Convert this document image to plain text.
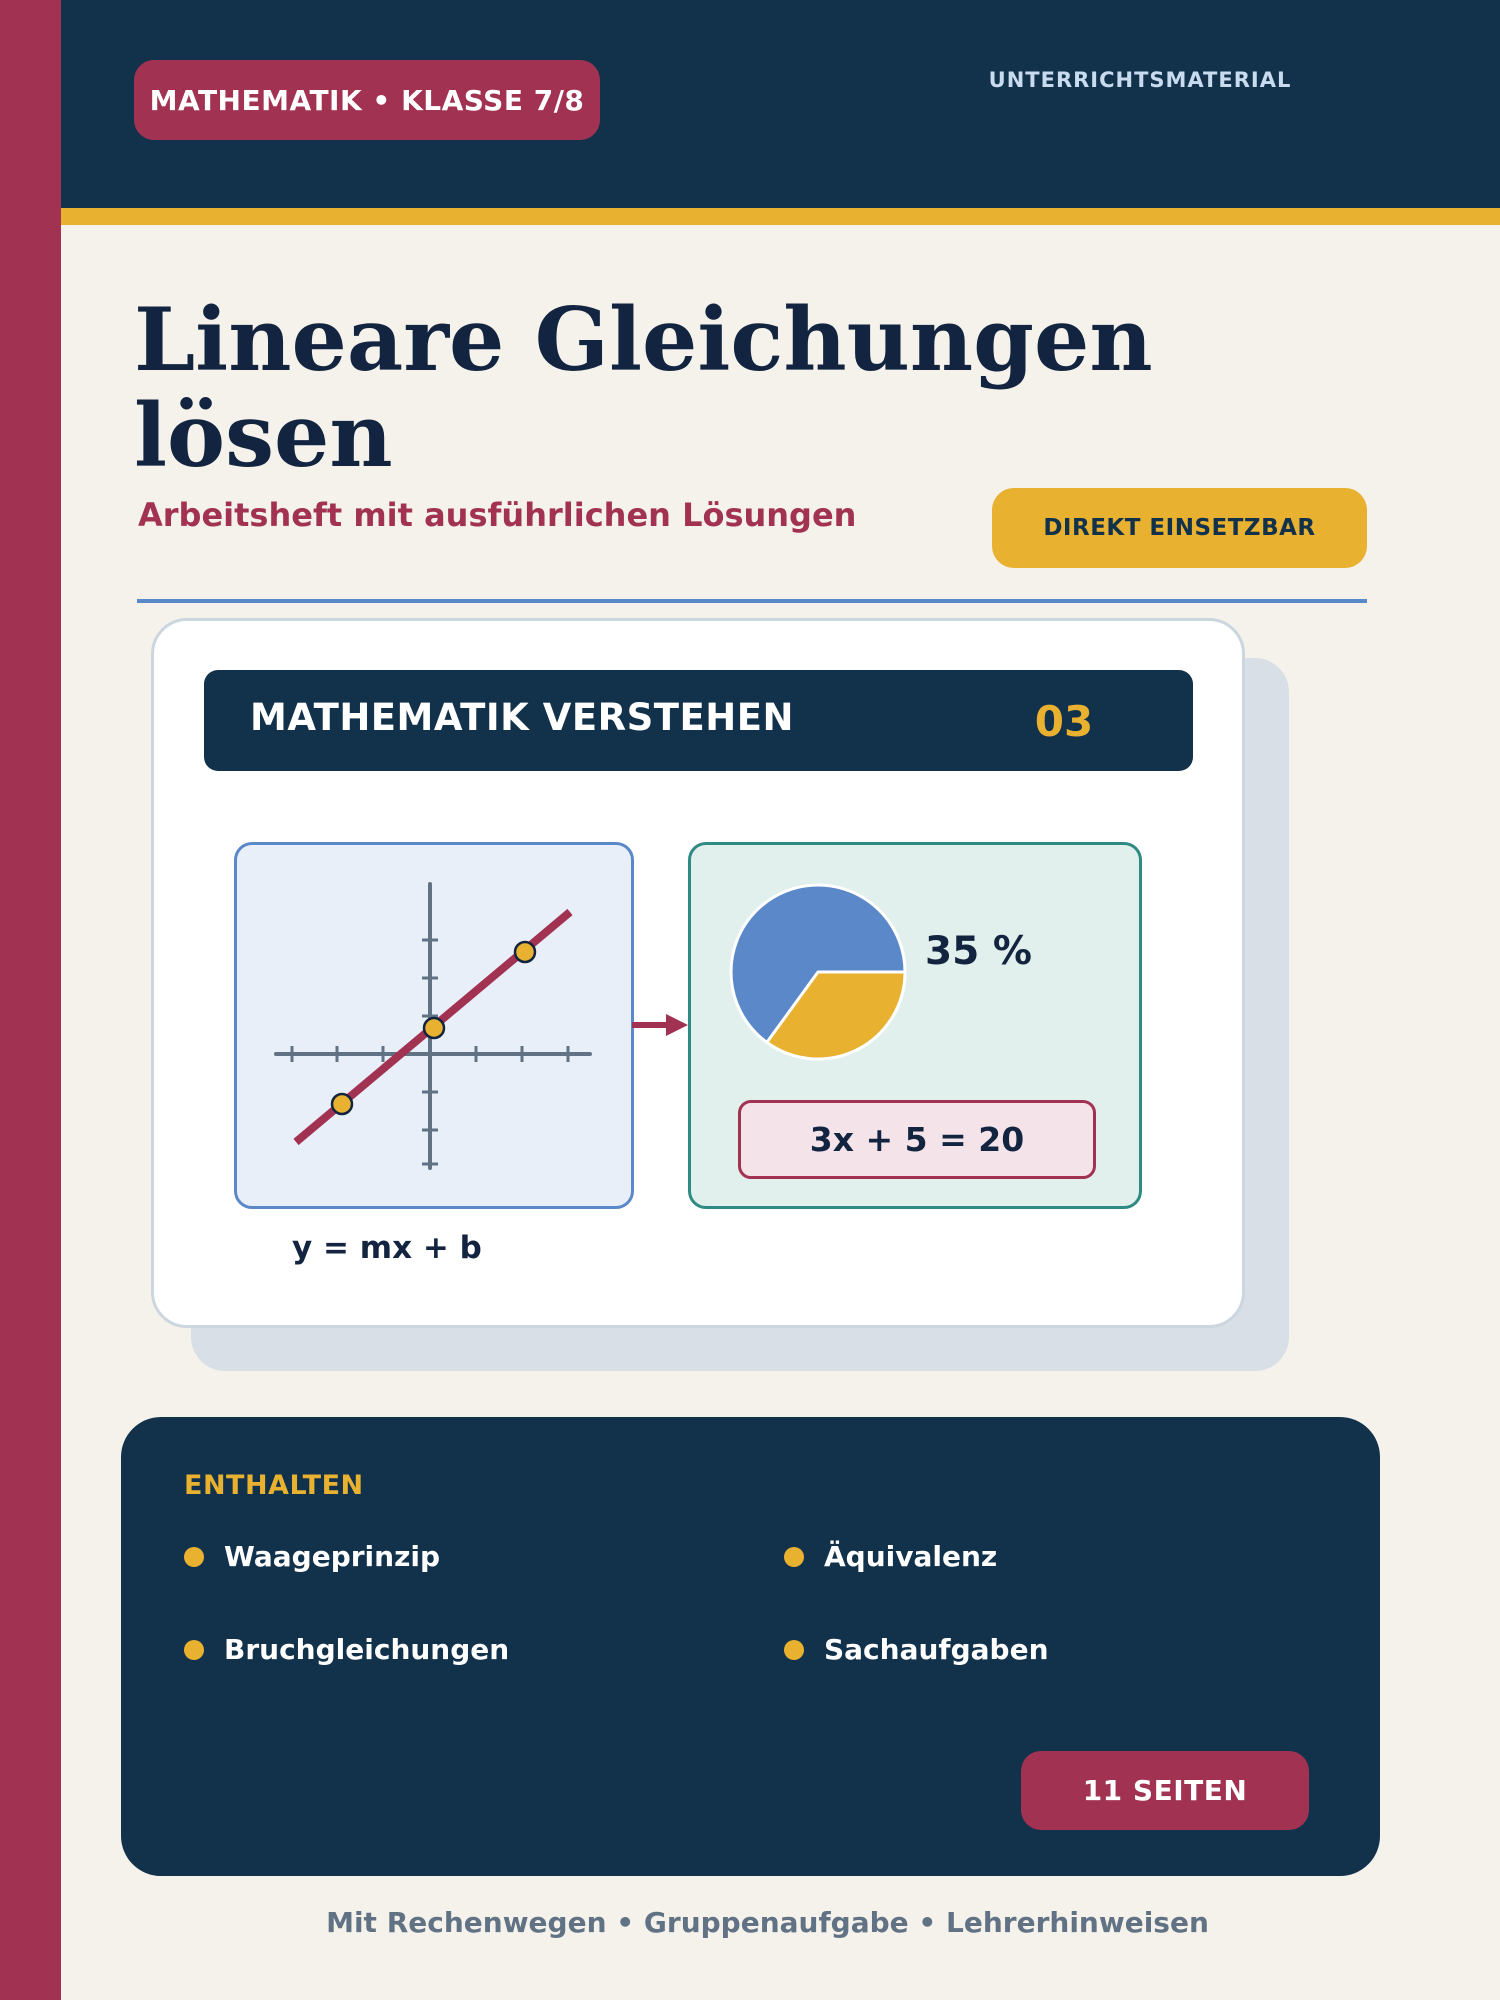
MATHEMATIK • KLASSE 7/8
UNTERRICHTSMATERIAL
Lineare Gleichungen
lösen

Arbeitsheft mit ausführlichen Lösungen	DIREKT EINSETZBAR
MATHEMATIK VERSTEHEN	03
35 %
3x + 5 = 20
y = mx + b
ENTHALTEN
Waageprinzip	Äquivalenz
Bruchgleichungen	Sachaufgaben
11 SEITEN
Mit Rechenwegen • Gruppenaufgabe • Lehrerhinweisen
